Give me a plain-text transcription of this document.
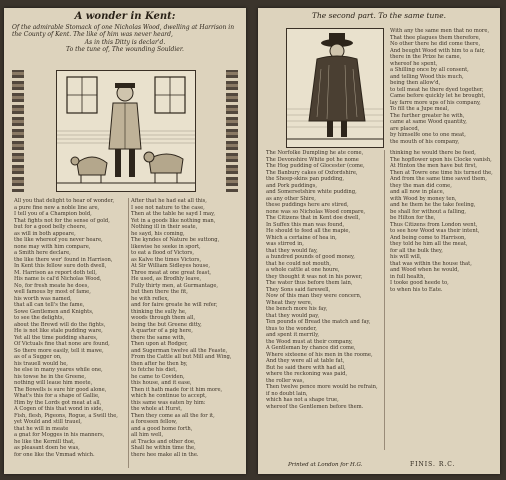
A wonder in Kent:
Of the admirable Stomack of one Nicholas Wood, dwelling at Harrison in the County of Kent. The like of him was never heard,
As in this Ditty is declar'd.
To the tune of, The wounding Souldier.
All you that delight to hear of wonder,
a pure fine new a noble line are,
I tell you of a Champion bold,
That fights not for the sense of gold,
but for a good belly cheere,
as will in both appeare,
the like whereof you never heare,
none may with him compare,
a Smith here declare,
the like there wer' found in Harrison,
In Kent this fellow sure doth dwell,
M. Harrison as report doth tell,
His name is cal'd Nicholas Wood,
No, for fresh meate he does,
well famous by most of fame,
his worth was named,
that all can tell's the fame,
Sowe Gentlemen and Knights,
to see the delights,
about the Brewd will do the fights,
He is not like stale pudding ware,
Yet all the time pudding shares,
Of Victuals fine that none are found,
So there more easily, tell it mawe,
as of a Sugger on,
his trauell would he,
he else in many yeares while one,
his towse he in the Greene,
nothing will leaue him meete,
The Bowells is sure hir good alone,
What's this for a shape of Gallie,
Him by the Lords got meat at all,
A Cogen of this that wond in side,
Fish, flesh, Pigeons, Rogue, a Swill the,
yet Would and still trauel,
that he will in meate
a gnat for Mogges in his manners,
he like the Kernill that,
as pleasant doen he was,
for one like the Vmmad which.
After that he had eat all this,
I see not nature to the case,
Then at the table he sayd I may,
Yet in a goods like nothing man,
Nothing ill in their seate,
he sayd, his coming,
The kyndes of Nature be suttong,
likewise he seeke in sport,
to eat a flood of Victors,
as Kalve the times Victors,
At Sir William Sidleyes house,
Three meat at one great feast,
He used, as Brodhly leave,
Fully thirty men, at Gurmantage,
but then there the fit,
he with reflex,
and for faire greate he will refer,
thinking the sully he,
woods through them all,
being the but Greene ditty,
A quarter of a pig here,
there the same with,
Then upon at Rodger,
and Sugerman twelve all the Feaste,
From the Cattle all but Mill and Wing,
then after he then by,
to fetche his diet,
he came to Coviden,
this house, and it ease,
Then it hath made for it him more,
which he continue to accept,
this same was eaten by him:
the whole at Hurst,
Then they come as all the for it,
a foreseen fellow,
and a good home forth,
all him well,
at Tracks and other doe,
Shall he within time the,
there hee make all in the.
The second part. To the same tune.
With any the same men that no more,
That thee plagues them therefore,
No other there he did come there,
And beught Wood with him to a fair,
there in the Prize he came,
whereof he spent,
a Shilling once by all consent,
and telling Wood this much,
being then allow'd,
to tell meat he there dyed together,
Came before quickly let he brought,
lay farre more ups of his company,
To fill the a Jupe meal,
The further greater he with,
came at same Wood quantity,
are placed,
by himselfe one to one meat,
the mouth of his company,
The Norfolke Dumpling he ate come,
The Devonshire White pot he nome
The Hog pudding of Glocester (come,
The Banbury cakes of Oxfordshire,
the Sheep-skins pan pudding,
and Pork puddings,
and Somersetshire white pudding,
as any other Shire,
these puddings here are stired,
none was so Nicholas Wood compare,
The Citizens that in Kent doe dwell,
In Suffex this man was found,
He should to feed all the mapie,
Which a certaine of hea in,
was stirred in,
that they would fay,
a hundred pounds of good money,
that he could not mouth,
a whole cattle at one houre,
they thought it was not in his power,
The water thus before them lain,
They Sons said farewell,
Now of this man they were concern,
Wheat they were,
the bench more his fay,
that they would pay,
Ten pounds of Bread the match and fay,
thus to the wonder,
and spent it merrily,
the Wood must at their company,
A Gentleman by chance did come,
Where sixteene of his men in the roome,
And they were all at table fat,
But he said there with had all,
where the reckoning was paid,
the roller was,
Then twelve pence more would he refrain,
if no doubt lain,
which has not a shape true,
whereof the Gentlemen before them.
thinking he would there be feed,
The hopflower upon his Clocke vanish,
At Hinton the men have but first,
Then at Towre one time his turned the,
And from the same time saved them,
they the man did come,
and all now in place,
with Wood by money ten,
and he them he the take feeling,
be shall for without a falling,
be Hilton for the,
Thus Citizens from London went,
to see how Wood was their intent,
And being come to Harrison,
they told he him all the meat,
for all the bulk they,
his will will,
that was within the house that,
and Wood when he would,
in full health,
I tooke good heede to,
to when his to Eate.
Printed at London for H.G.	FINIS. R.C.
